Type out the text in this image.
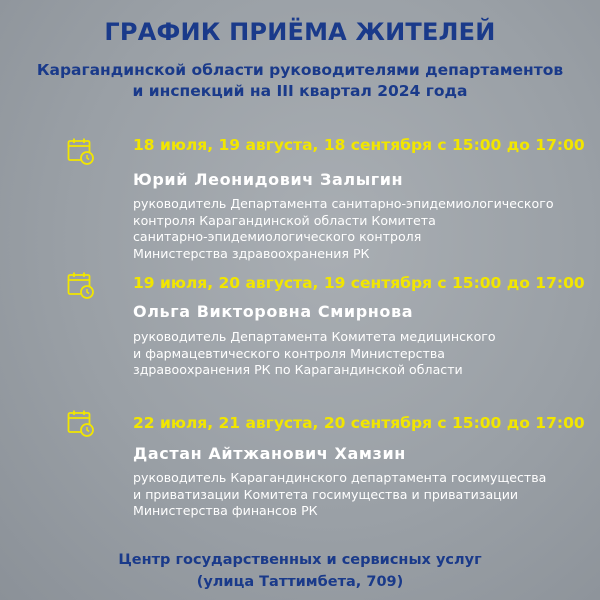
ГРАФИК ПРИЁМА ЖИТЕЛЕЙ
Карагандинской области руководителями департаментов
и инспекций на III квартал 2024 года
18 июля, 19 августа, 18 сентября с 15:00 до 17:00
Юрий Леонидович Залыгин
руководитель Департамента санитарно-эпидемиологического
контроля Карагандинской области Комитета
санитарно-эпидемиологического контроля
Министерства здравоохранения РК
19 июля, 20 августа, 19 сентября с 15:00 до 17:00
Ольга Викторовна Смирнова
руководитель Департамента Комитета медицинского
и фармацевтического контроля Министерства
здравоохранения РК по Карагандинской области
22 июля, 21 августа, 20 сентября с 15:00 до 17:00
Дастан Айтжанович Хамзин
руководитель Карагандинского департамента госимущества
и приватизации Комитета госимущества и приватизации
Министерства финансов РК
Центр государственных и сервисных услуг
(улица Таттимбета, 709)
